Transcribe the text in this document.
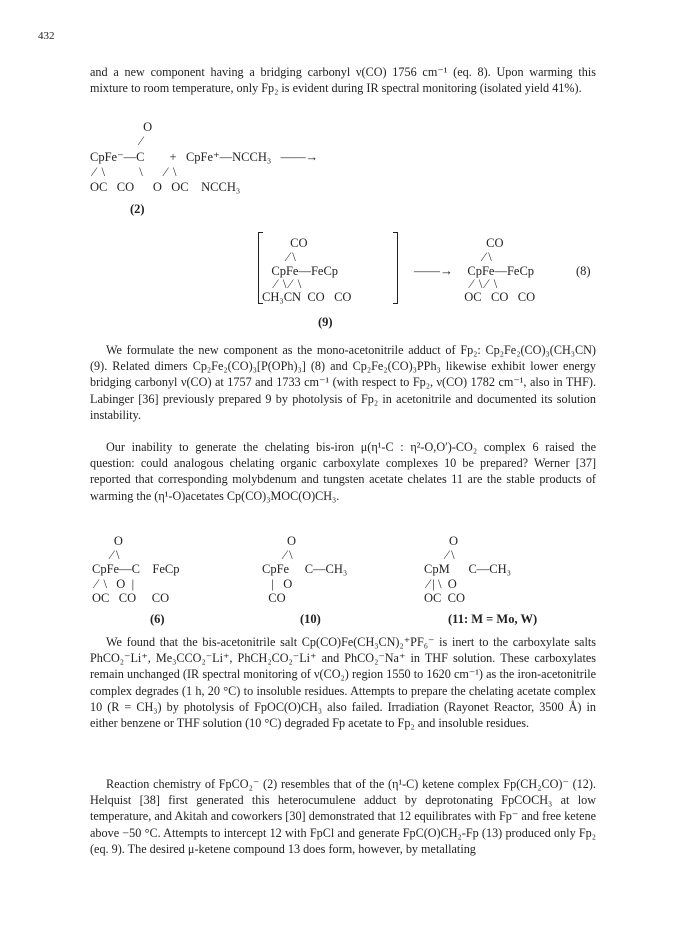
432

and a new component having a bridging carbonyl ν(CO) 1756 cm⁻¹ (eq. 8). Upon warming this mixture to room temperature, only Fp₂ is evident during IR spectral monitoring (isolated yield 41%).

O
⁄
CpFe⁻—C        +   CpFe⁺—NCCH₃   ——→
⁄  \           \       ⁄  \
OC   CO      O   OC    NCCH₃
(2)
CO
⁄ \
CpFe—FeCp
⁄  \ ⁄  \
CH₃CN  CO   CO
——→
CO
⁄ \
CpFe—FeCp
⁄  \ ⁄  \
OC   CO   CO
(8)
(9)

We formulate the new component as the mono-acetonitrile adduct of Fp₂: Cp₂Fe₂(CO)₃(CH₃CN) (9). Related dimers Cp₂Fe₂(CO)₃[P(OPh)₃] (8) and Cp₂Fe₂(CO)₃PPh₃ likewise exhibit lower energy bridging carbonyl ν(CO) at 1757 and 1733 cm⁻¹ (with respect to Fp₂, ν(CO) 1782 cm⁻¹, also in THF). Labinger [36] previously prepared 9 by photolysis of Fp₂ in acetonitrile and documented its solution instability.

Our inability to generate the chelating bis-iron μ(η¹-C : η²-O,O′)-CO₂ complex 6 raised the question: could analogous chelating organic carboxylate complexes 10 be prepared? Werner [37] reported that corresponding molybdenum and tungsten acetate chelates 11 are the stable products of warming the (η¹-O)acetates Cp(CO)₃MOC(O)CH₃.

O
⁄ \
CpFe—C    FeCp
⁄  \   O  |
OC   CO     CO
(6)
O
⁄ \
CpFe     C—CH₃
|   O
CO
(10)
O
⁄ \
CpM      C—CH₃
⁄ | \  O
OC  CO
(11: M = Mo, W)

We found that the bis-acetonitrile salt Cp(CO)Fe(CH₃CN)₂⁺PF₆⁻ is inert to the carboxylate salts PhCO₂⁻Li⁺, Me₃CCO₂⁻Li⁺, PhCH₂CO₂⁻Li⁺ and PhCO₂⁻Na⁺ in THF solution. These carboxylates remain unchanged (IR spectral monitoring of ν(CO₂) region 1550 to 1620 cm⁻¹) as the iron-acetonitrile complex degrades (1 h, 20 °C) to insoluble residues. Attempts to prepare the chelating acetate complex 10 (R = CH₃) by photolysis of FpOC(O)CH₃ also failed. Irradiation (Rayonet Reactor, 3500 Å) in either benzene or THF solution (10 °C) degraded Fp acetate to Fp₂ and insoluble residues.

Reaction chemistry of FpCO₂⁻ (2) resembles that of the (η¹-C) ketene complex Fp(CH₂CO)⁻ (12). Helquist [38] first generated this heterocumulene adduct by deprotonating FpCOCH₃ at low temperature, and Akitah and coworkers [30] demonstrated that 12 equilibrates with Fp⁻ and free ketene above −50 °C. Attempts to intercept 12 with FpCl and generate FpC(O)CH₂-Fp (13) produced only Fp₂ (eq. 9). The desired μ-ketene compound 13 does form, however, by metallating
